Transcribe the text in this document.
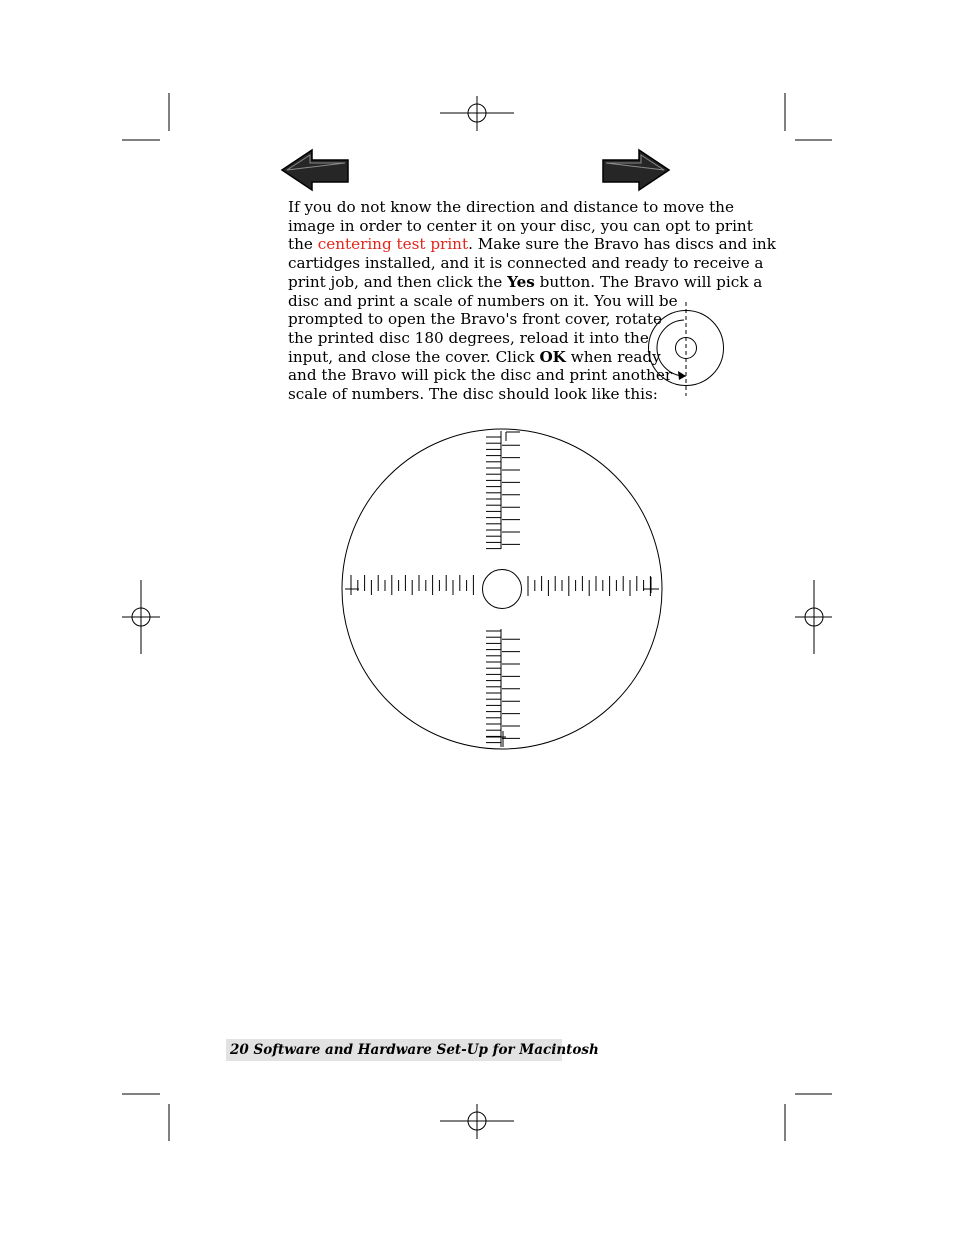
If you do not know the direction and distance to move the
image in order to center it on your disc, you can opt to print
the centering test print. Make sure the Bravo has discs and ink
cartidges installed, and it is connected and ready to receive a
print job, and then click the Yes button. The Bravo will pick a
disc and print a scale of numbers on it. You will be
prompted to open the Bravo's front cover, rotate
the printed disc 180 degrees, reload it into the
input, and close the cover. Click OK when ready
and the Bravo will pick the disc and print another
scale of numbers. The disc should look like this:
20 Software and Hardware Set-Up for Macintosh
